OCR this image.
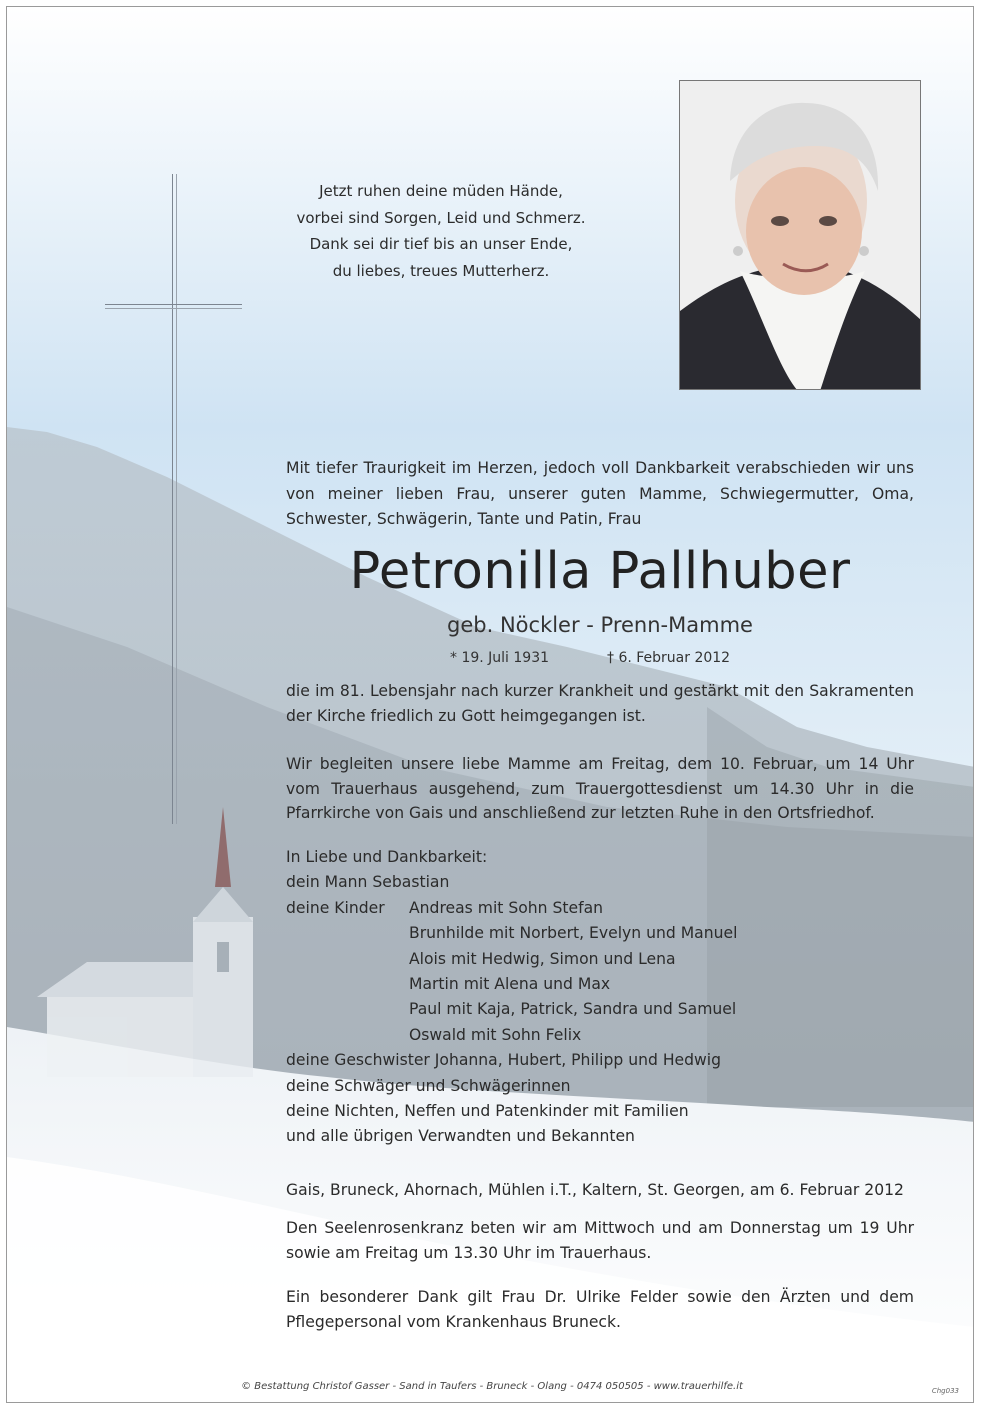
Jetzt ruhen deine müden Hände,
vorbei sind Sorgen, Leid und Schmerz.
Dank sei dir tief bis an unser Ende,
du liebes, treues Mutterherz.

Mit tiefer Traurigkeit im Herzen, jedoch voll Dankbarkeit verabschieden wir uns von meiner lieben Frau, unserer guten Mamme, Schwiegermutter, Oma, Schwester, Schwägerin, Tante und Patin, Frau

Petronilla Pallhuber
geb. Nöckler - Prenn-Mamme
* 19. Juli 1931	† 6. Februar 2012
die im 81. Lebensjahr nach kurzer Krankheit und gestärkt mit den Sakramenten der Kirche friedlich zu Gott heimgegangen ist.
Wir begleiten unsere liebe Mamme am Freitag, dem 10. Februar, um 14 Uhr vom Trauerhaus ausgehend, zum Trauergottesdienst um 14.30 Uhr in die Pfarrkirche von Gais und anschließend zur letzten Ruhe in den Ortsfriedhof.
In Liebe und Dankbarkeit:
dein Mann Sebastian
deine Kinder Andreas mit Sohn Stefan
Brunhilde mit Norbert, Evelyn und Manuel
Alois mit Hedwig, Simon und Lena
Martin mit Alena und Max
Paul mit Kaja, Patrick, Sandra und Samuel
Oswald mit Sohn Felix
deine Geschwister Johanna, Hubert, Philipp und Hedwig
deine Schwäger und Schwägerinnen
deine Nichten, Neffen und Patenkinder mit Familien
und alle übrigen Verwandten und Bekannten
Gais, Bruneck, Ahornach, Mühlen i.T., Kaltern, St. Georgen, am 6. Februar 2012
Den Seelenrosenkranz beten wir am Mittwoch und am Donnerstag um 19 Uhr sowie am Freitag um 13.30 Uhr im Trauerhaus.
Ein besonderer Dank gilt Frau Dr. Ulrike Felder sowie den Ärzten und dem Pflegepersonal vom Krankenhaus Bruneck.
© Bestattung Christof Gasser - Sand in Taufers - Bruneck - Olang - 0474 050505 - www.trauerhilfe.it	Chg033
